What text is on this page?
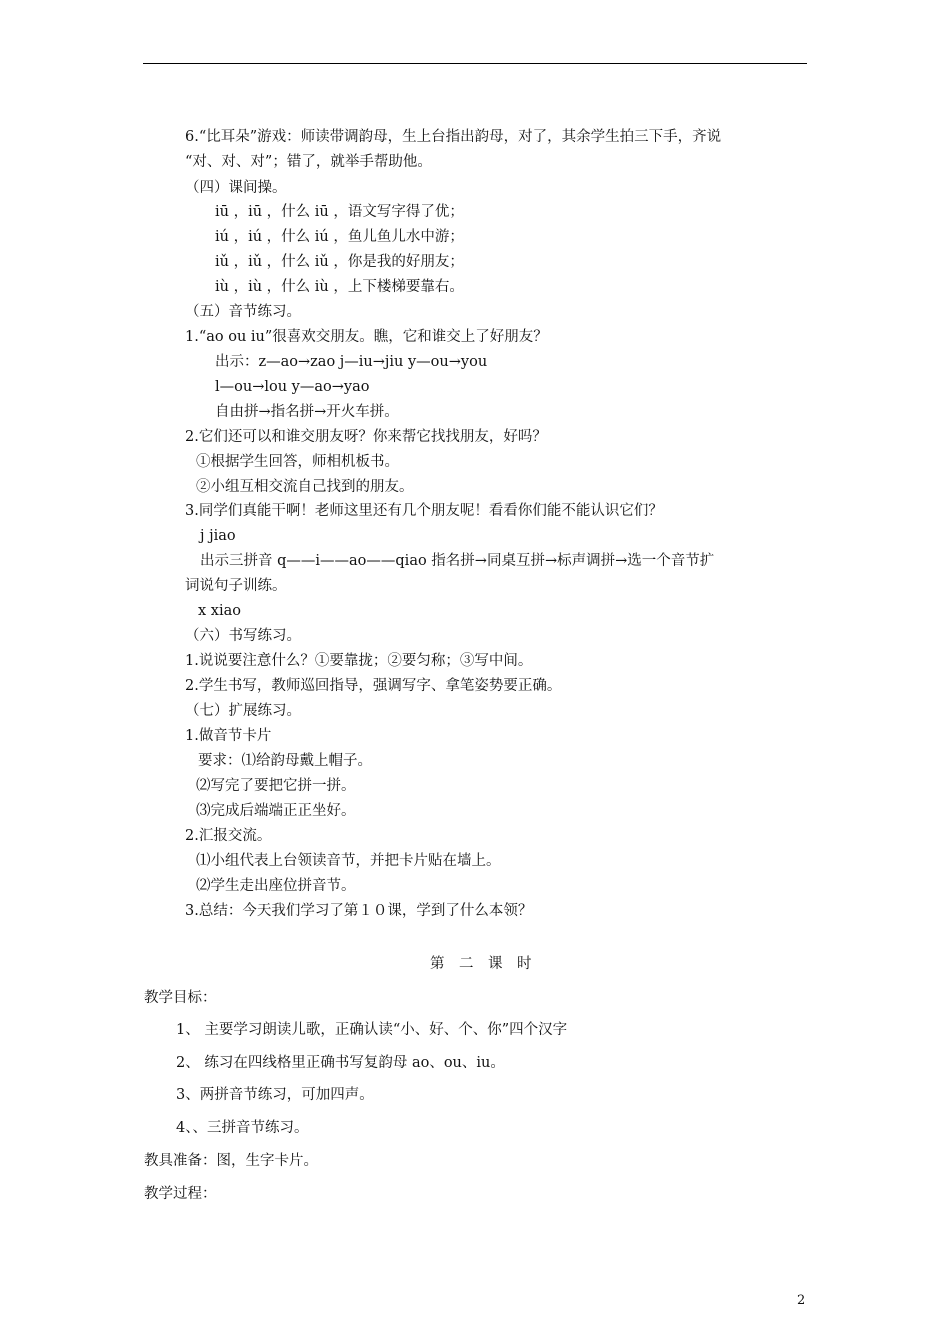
6.“比耳朵”游戏：师读带调韵母，生上台指出韵母，对了，其余学生拍三下手，齐说
“对、对、对”；错了，就举手帮助他。
（四）课间操。
iū ，iū ，什么 iū ，语文写字得了优；
iú ，iú ，什么 iú ，鱼儿鱼儿水中游；
iǔ ，iǔ ，什么 iǔ ，你是我的好朋友；
iù ，iù ，什么 iù ，上下楼梯要靠右。
（五）音节练习。
1.“ao ou iu”很喜欢交朋友。瞧，它和谁交上了好朋友？
出示：z—ao→zao j—iu→jiu y—ou→you
l—ou→lou y—ao→yao
自由拼→指名拼→开火车拼。
2.它们还可以和谁交朋友呀？你来帮它找找朋友，好吗？
①根据学生回答，师相机板书。
②小组互相交流自己找到的朋友。
3.同学们真能干啊！老师这里还有几个朋友呢！看看你们能不能认识它们？
j jiao
出示三拼音 q——i——ao——qiao 指名拼→同桌互拼→标声调拼→选一个音节扩
词说句子训练。
x xiao
（六）书写练习。
1.说说要注意什么？①要靠拢；②要匀称；③写中间。
2.学生书写，教师巡回指导，强调写字、拿笔姿势要正确。
（七）扩展练习。
1.做音节卡片
要求：⑴给韵母戴上帽子。
⑵写完了要把它拼一拼。
⑶完成后端端正正坐好。
2.汇报交流。
⑴小组代表上台领读音节，并把卡片贴在墙上。
⑵学生走出座位拼音节。
3.总结：今天我们学习了第１０课，学到了什么本领？
第　二　课　时
教学目标：
1、 主要学习朗读儿歌，正确认读“小、好、个、你”四个汉字
2、 练习在四线格里正确书写复韵母 ao、ou、iu。
3、两拼音节练习，可加四声。
4、、三拼音节练习。
教具准备：图，生字卡片。
教学过程：
2
